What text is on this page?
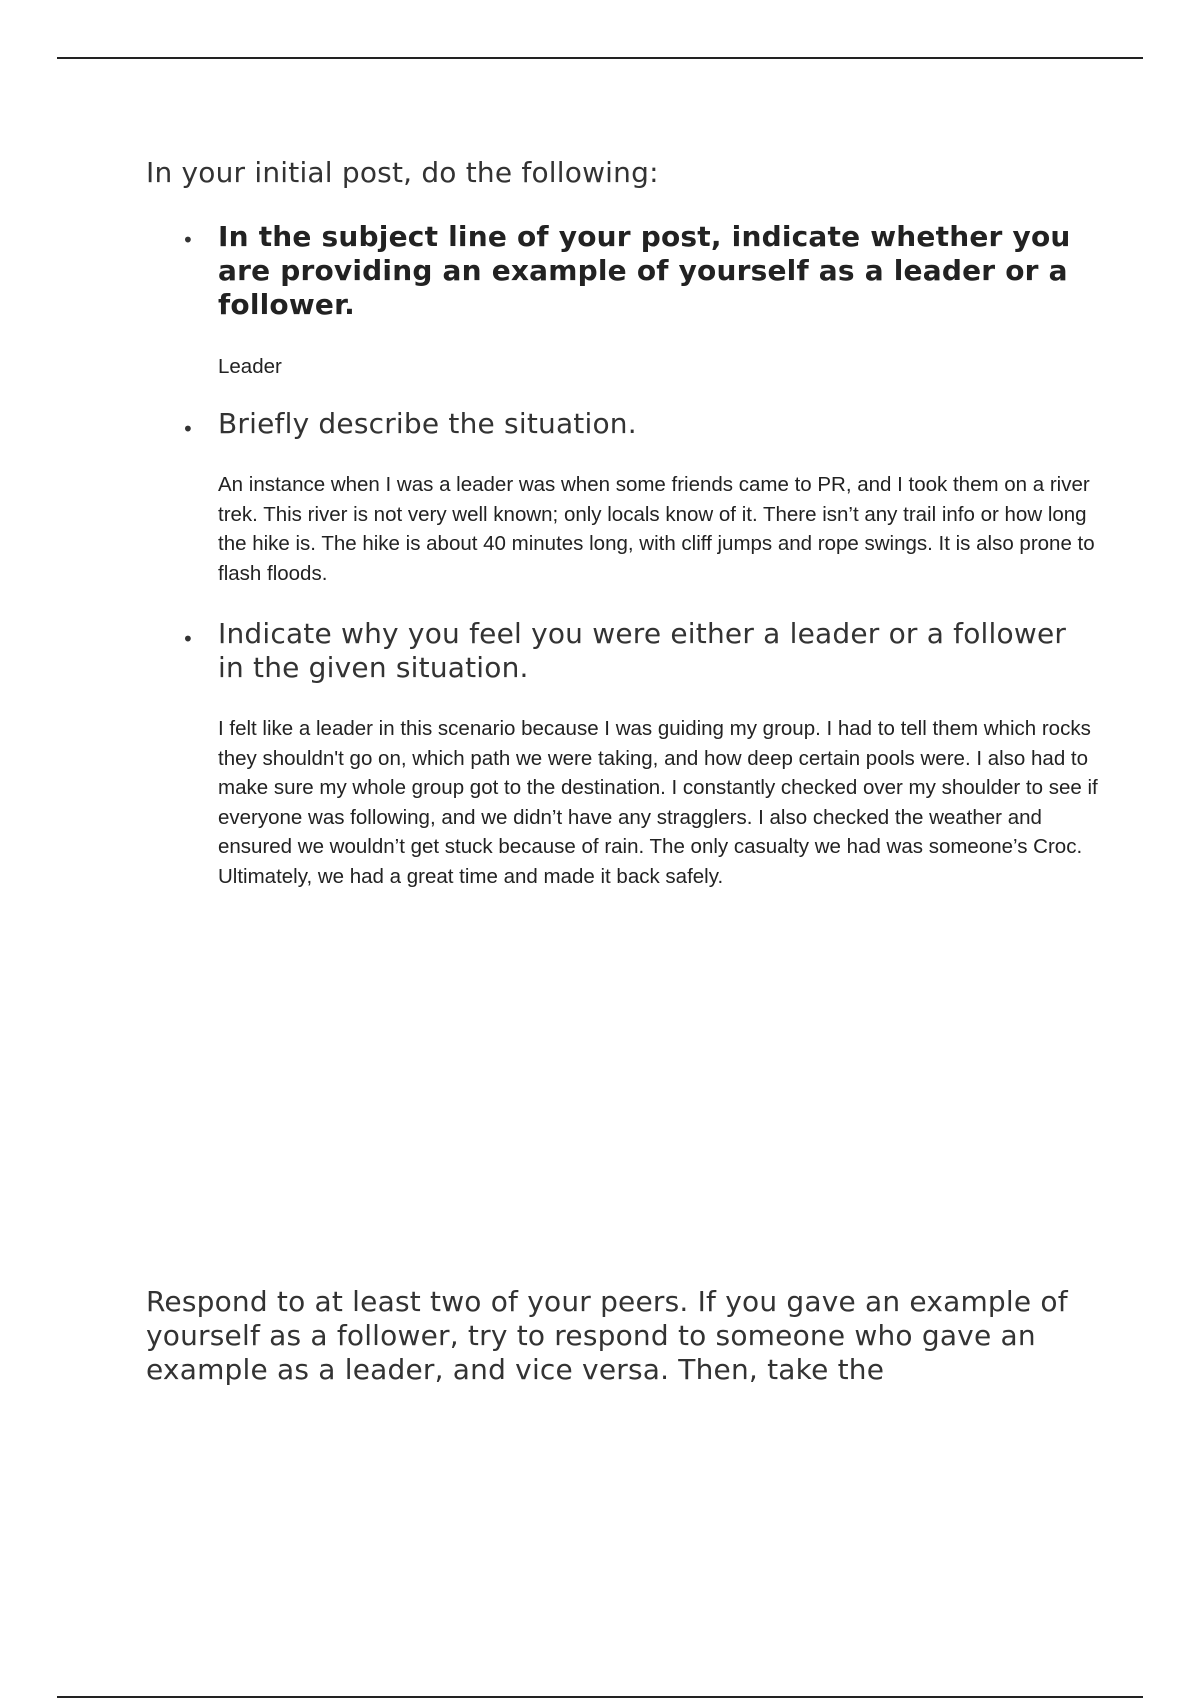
In your initial post, do the following:

• In the subject line of your post, indicate whether you are providing an example of yourself as a leader or a follower.

Leader

• Briefly describe the situation.

An instance when I was a leader was when some friends came to PR, and I took them on a river trek. This river is not very well known; only locals know of it. There isn’t any trail info or how long the hike is. The hike is about 40 minutes long, with cliff jumps and rope swings. It is also prone to flash floods.

• Indicate why you feel you were either a leader or a follower in the given situation.

I felt like a leader in this scenario because I was guiding my group. I had to tell them which rocks they shouldn't go on, which path we were taking, and how deep certain pools were. I also had to make sure my whole group got to the destination. I constantly checked over my shoulder to see if everyone was following, and we didn’t have any stragglers. I also checked the weather and ensured we wouldn’t get stuck because of rain. The only casualty we had was someone’s Croc. Ultimately, we had a great time and made it back safely.

Respond to at least two of your peers. If you gave an example of yourself as a follower, try to respond to someone who gave an example as a leader, and vice versa. Then, take the
